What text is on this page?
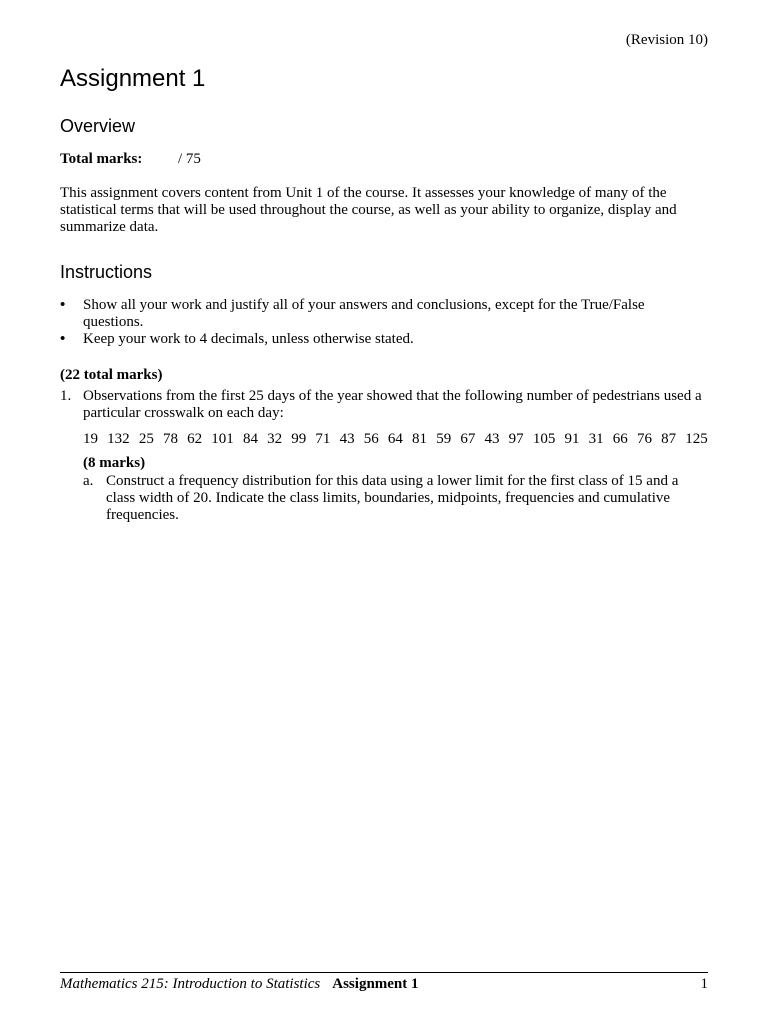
(Revision 10)
Assignment 1
Overview
Total marks: / 75

This assignment covers content from Unit 1 of the course. It assesses your knowledge of many of the statistical terms that will be used throughout the course, as well as your ability to organize, display and summarize data.

Instructions
• Show all your work and justify all of your answers and conclusions, except for the True/False questions.
• Keep your work to 4 decimals, unless otherwise stated.
(22 total marks)
1. Observations from the first 25 days of the year showed that the following number of pedestrians used a particular crosswalk on each day:
19 132 25 78 62 101 84 32 99 71 43 56 64 81 59 67 43 97 105 91 31 66 76 87 125
(8 marks)
a. Construct a frequency distribution for this data using a lower limit for the first class of 15 and a class width of 20. Indicate the class limits, boundaries, midpoints, frequencies and cumulative frequencies.
Mathematics 215: Introduction to Statistics Assignment 1	1
